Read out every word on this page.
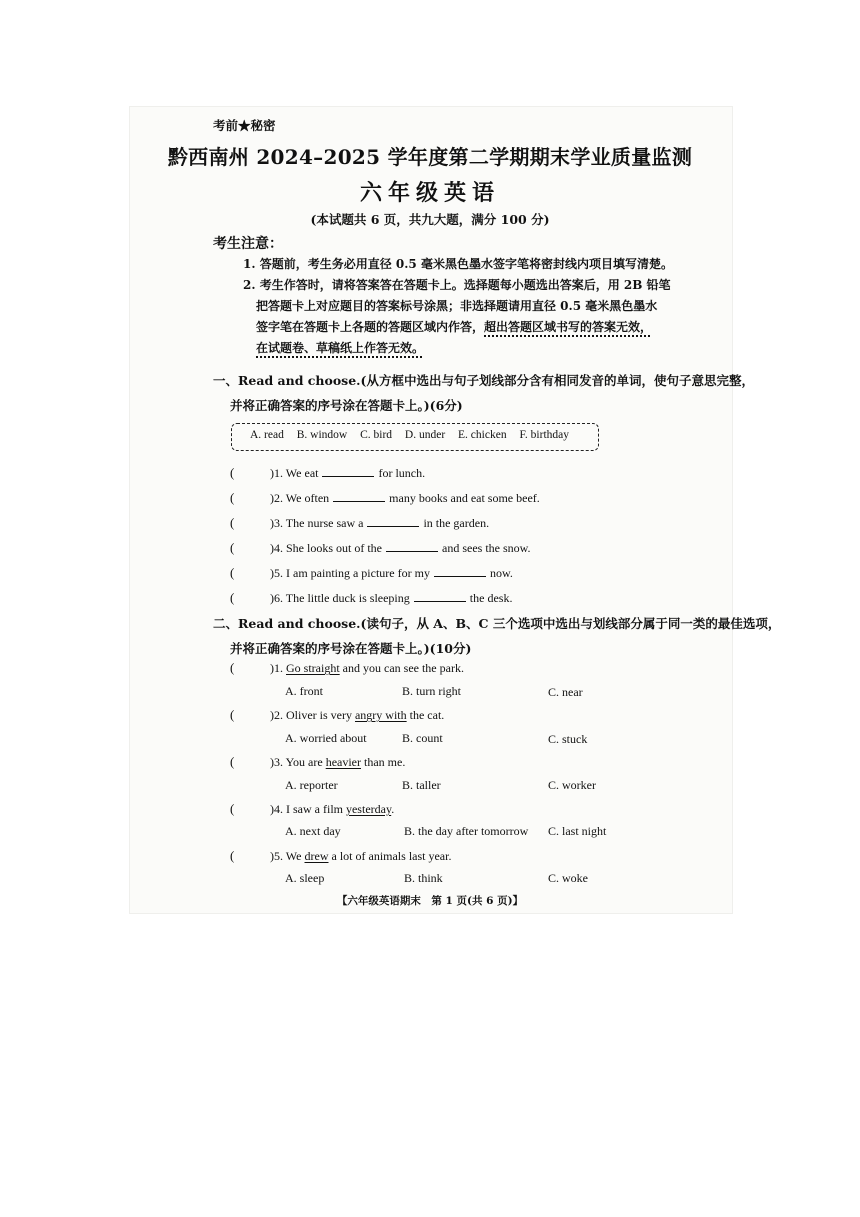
考前★秘密
黔西南州 2024–2025 学年度第二学期期末学业质量监测
六年级英语
(本试题共 6 页，共九大题，满分 100 分)
考生注意：
1. 答题前，考生务必用直径 0.5 毫米黑色墨水签字笔将密封线内项目填写清楚。
2. 考生作答时，请将答案答在答题卡上。选择题每小题选出答案后，用 2B 铅笔
把答题卡上对应题目的答案标号涂黑；非选择题请用直径 0.5 毫米黑色墨水
签字笔在答题卡上各题的答题区域内作答，超出答题区域书写的答案无效，
在试题卷、草稿纸上作答无效。
一、Read and choose.(从方框中选出与句子划线部分含有相同发音的单词，使句子意思完整，
并将正确答案的序号涂在答题卡上。)(6分)
A. read B. window C. bird D. under E. chicken F. birthday
(	)1. We eat	for lunch.
(	)2. We often	many books and eat some beef.
(	)3. The nurse saw a	in the garden.
(	)4. She looks out of the	and sees the snow.
(	)5. I am painting a picture for my	now.
(	)6. The little duck is sleeping	the desk.
二、Read and choose.(读句子，从 A、B、C 三个选项中选出与划线部分属于同一类的最佳选项，
并将正确答案的序号涂在答题卡上。)(10分)
(	)1. Go straight and you can see the park.
A. front	B. turn right	C. near
(	)2. Oliver is very angry with the cat.
A. worried about	B. count	C. stuck
(	)3. You are heavier than me.
A. reporter	B. taller	C. worker
(	)4. I saw a film yesterday.
A. next day	B. the day after tomorrow C. last night
(	)5. We drew a lot of animals last year.
A. sleep	B. think	C. woke
【六年级英语期末　第 1 页(共 6 页)】
